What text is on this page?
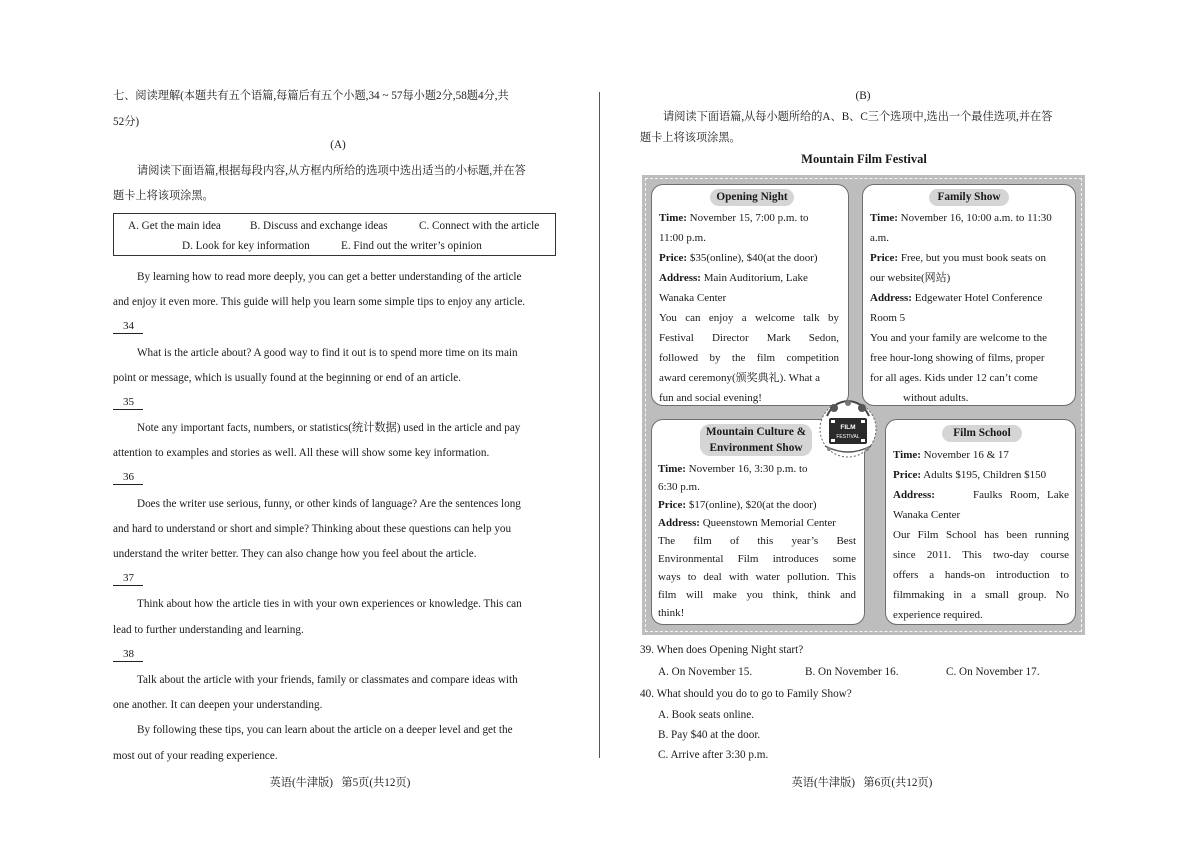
七、阅读理解(本题共有五个语篇,每篇后有五个小题,34 ~ 57每小题2分,58题4分,共
52分)
(A)
请阅读下面语篇,根据每段内容,从方框内所给的选项中选出适当的小标题,并在答
题卡上将该项涂黑。
A. Get the main idea	B. Discuss and exchange ideas	C. Connect with the article
D. Look for key information	E. Find out the writer’s opinion
By learning how to read more deeply, you can get a better understanding of the article
and enjoy it even more. This guide will help you learn some simple tips to enjoy any article.
34
What is the article about? A good way to find it out is to spend more time on its main
point or message, which is usually found at the beginning or end of an article.
35
Note any important facts, numbers, or statistics(统计数据) used in the article and pay
attention to examples and stories as well. All these will show some key information.
36
Does the writer use serious, funny, or other kinds of language? Are the sentences long
and hard to understand or short and simple? Thinking about these questions can help you
understand the writer better. They can also change how you feel about the article.
37
Think about how the article ties in with your own experiences or knowledge. This can
lead to further understanding and learning.
38
Talk about the article with your friends, family or classmates and compare ideas with
one another. It can deepen your understanding.
By following these tips, you can learn about the article on a deeper level and get the
most out of your reading experience.
英语(牛津版)   第5页(共12页)
(B)
请阅读下面语篇,从每小题所给的A、B、C三个选项中,选出一个最佳选项,并在答
题卡上将该项涂黑。
Mountain Film Festival
Opening Night
Time: November 15, 7:00 p.m. to
11:00 p.m.
Price: $35(online), $40(at the door)
Address: Main Auditorium, Lake
Wanaka Center
You can enjoy a welcome talk by
Festival Director Mark Sedon,
followed by the film competition
award ceremony(颁奖典礼). What a
fun and social evening!
Family Show
Time: November 16, 10:00 a.m. to 11:30
a.m.
Price: Free, but you must book seats on
our website(网站)
Address: Edgewater Hotel Conference
Room 5
You and your family are welcome to the
free hour-long showing of films, proper
for all ages. Kids under 12 can’t come
without adults.
Mountain Culture &
Environment Show
Time: November 16, 3:30 p.m. to
6:30 p.m.
Price: $17(online), $20(at the door)
Address: Queenstown Memorial Center
The film of this year’s Best
Environmental Film introduces some
ways to deal with water pollution. This
film will make you think, think and
think!
Film School
Time: November 16 & 17
Price: Adults $195, Children $150
Address:	Faulks Room, Lake
Wanaka Center
Our Film School has been running
since 2011. This two-day course
offers a hands-on introduction to
filmmaking in a small group. No
experience required.
FILM
FESTIVAL
39. When does Opening Night start?
A. On November 15.	B. On November 16.	C. On November 17.
40. What should you do to go to Family Show?
A. Book seats online.
B. Pay $40 at the door.
C. Arrive after 3:30 p.m.
英语(牛津版)   第6页(共12页)
